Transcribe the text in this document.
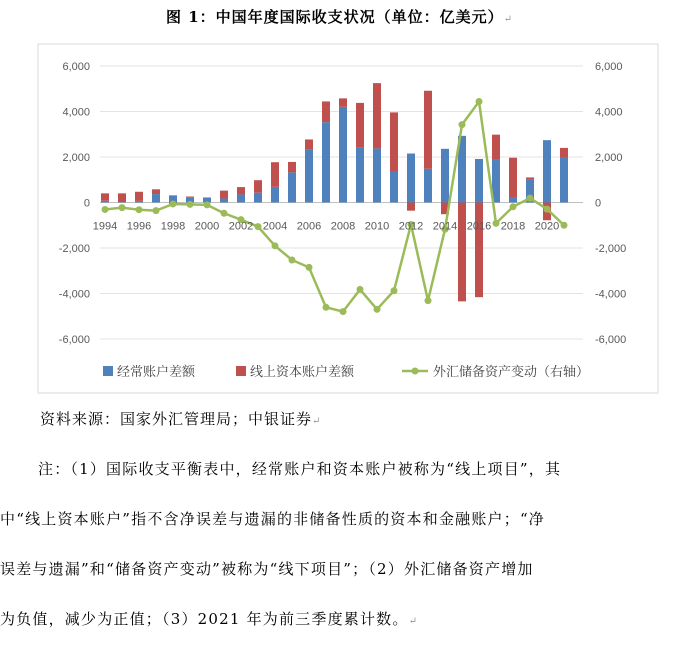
图 1：中国年度国际收支状况（单位：亿美元）↵
-6,000
-4,000
-2,000
0
2,000
4,000
6,000
-6,000
-4,000
-2,000
0
2,000
4,000
6,000
1994 1996 1998 2000 2002 2004 2006 2008 2010 2012 2014 2016 2018 2020
经常账户差额	线上资本账户差额	外汇储备资产变动（右轴）
资料来源：国家外汇管理局；中银证券↵
注：（1）国际收支平衡表中，经常账户和资本账户被称为“线上项目”，其
中“线上资本账户”指不含净误差与遗漏的非储备性质的资本和金融账户；“净
误差与遗漏”和“储备资产变动”被称为“线下项目”；（2）外汇储备资产增加
为负值，减少为正值；（3）2021 年为前三季度累计数。↵
